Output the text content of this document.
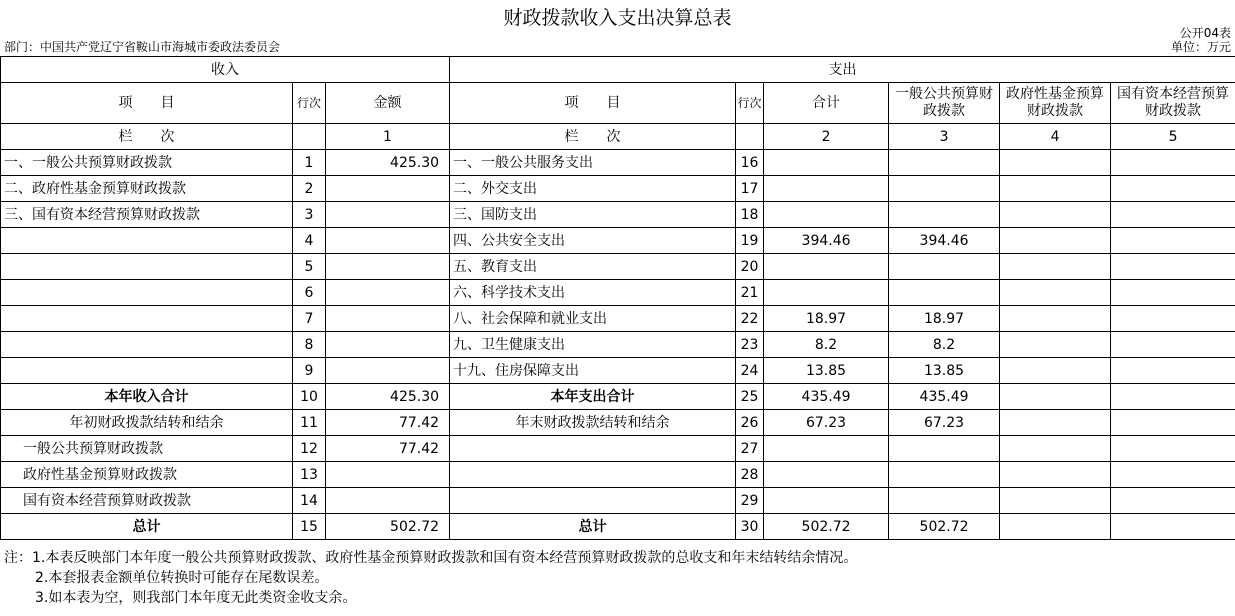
财政拨款收入支出决算总表
公开04表
部门：中国共产党辽宁省鞍山市海城市委政法委员会	单位：万元
收入			支出					
项　　目	行次	金额	项　　目	行次	合计	一般公共预算财政拨款	政府性基金预算财政拨款	国有资本经营预算财政拨款
栏　　次		1	栏　　次		2	3	4	5
一、一般公共预算财政拨款	1	425.30	一、一般公共服务支出	16				
二、政府性基金预算财政拨款	2		二、外交支出	17				
三、国有资本经营预算财政拨款	3		三、国防支出	18				
	4		四、公共安全支出	19	394.46	394.46		
	5		五、教育支出	20				
	6		六、科学技术支出	21				
	7		八、社会保障和就业支出	22	18.97	18.97		
	8		九、卫生健康支出	23	8.2	8.2		
	9		十九、住房保障支出	24	13.85	13.85		
本年收入合计	10	425.30	本年支出合计	25	435.49	435.49		
年初财政拨款结转和结余	11	77.42	年末财政拨款结转和结余	26	67.23	67.23		
一般公共预算财政拨款	12	77.42		27				
政府性基金预算财政拨款	13			28				
国有资本经营预算财政拨款	14			29				
总计	15	502.72	总计	30	502.72	502.72		
注：1.本表反映部门本年度一般公共预算财政拨款、政府性基金预算财政拨款和国有资本经营预算财政拨款的总收支和年末结转结余情况。
2.本套报表金额单位转换时可能存在尾数误差。
3.如本表为空，则我部门本年度无此类资金收支余。
